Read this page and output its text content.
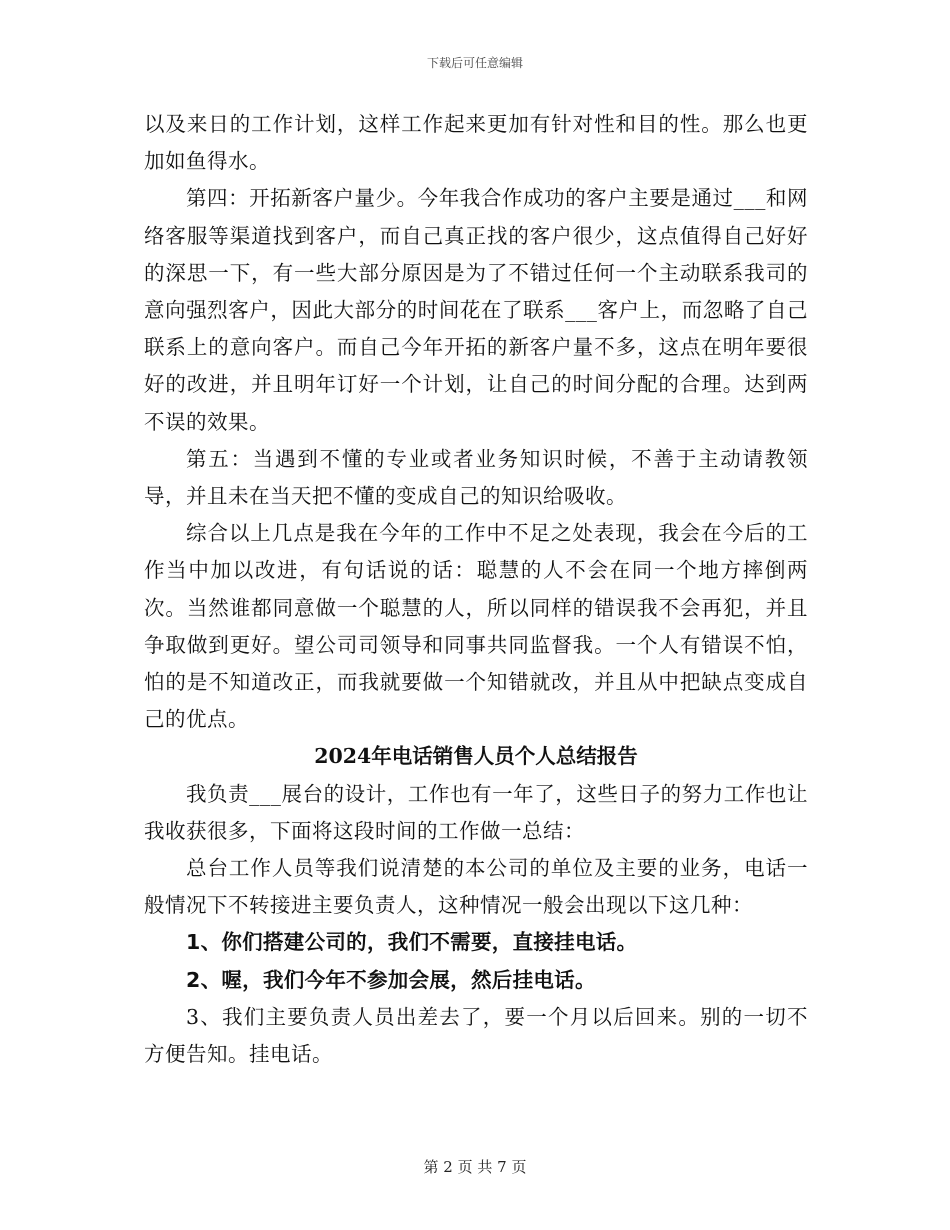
下载后可任意编辑

以及来日的工作计划，这样工作起来更加有针对性和目的性。那么也更加如鱼得水。

第四：开拓新客户量少。今年我合作成功的客户主要是通过___和网络客服等渠道找到客户，而自己真正找的客户很少，这点值得自己好好的深思一下，有一些大部分原因是为了不错过任何一个主动联系我司的意向强烈客户，因此大部分的时间花在了联系___客户上，而忽略了自己联系上的意向客户。而自己今年开拓的新客户量不多，这点在明年要很好的改进，并且明年订好一个计划，让自己的时间分配的合理。达到两不误的效果。

第五：当遇到不懂的专业或者业务知识时候，不善于主动请教领导，并且未在当天把不懂的变成自己的知识给吸收。

综合以上几点是我在今年的工作中不足之处表现，我会在今后的工作当中加以改进，有句话说的话：聪慧的人不会在同一个地方摔倒两次。当然谁都同意做一个聪慧的人，所以同样的错误我不会再犯，并且争取做到更好。望公司司领导和同事共同监督我。一个人有错误不怕，怕的是不知道改正，而我就要做一个知错就改，并且从中把缺点变成自己的优点。

2024年电话销售人员个人总结报告

我负责___展台的设计，工作也有一年了，这些日子的努力工作也让我收获很多，下面将这段时间的工作做一总结：

总台工作人员等我们说清楚的本公司的单位及主要的业务，电话一般情况下不转接进主要负责人，这种情况一般会出现以下这几种：

1、你们搭建公司的，我们不需要，直接挂电话。

2、喔，我们今年不参加会展，然后挂电话。

3、我们主要负责人员出差去了，要一个月以后回来。别的一切不方便告知。挂电话。

第 2 页 共 7 页
